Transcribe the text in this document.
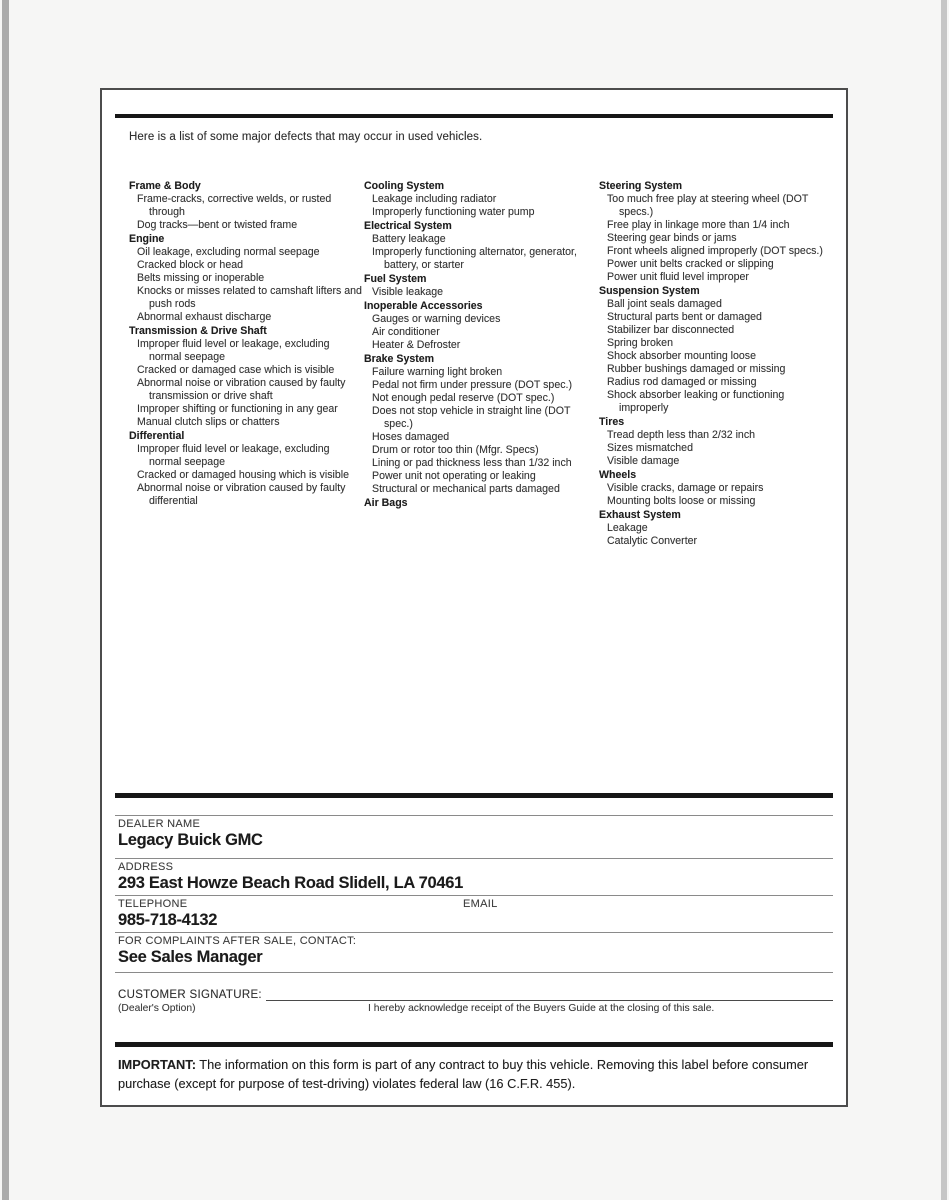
Here is a list of some major defects that may occur in used vehicles.
Frame & Body
Frame-cracks, corrective welds, or rusted through
Dog tracks—bent or twisted frame
Engine
Oil leakage, excluding normal seepage
Cracked block or head
Belts missing or inoperable
Knocks or misses related to camshaft lifters and push rods
Abnormal exhaust discharge
Transmission & Drive Shaft
Improper fluid level or leakage, excluding normal seepage
Cracked or damaged case which is visible
Abnormal noise or vibration caused by faulty transmission or drive shaft
Improper shifting or functioning in any gear
Manual clutch slips or chatters
Differential
Improper fluid level or leakage, excluding normal seepage
Cracked or damaged housing which is visible
Abnormal noise or vibration caused by faulty differential
Cooling System
Leakage including radiator
Improperly functioning water pump
Electrical System
Battery leakage
Improperly functioning alternator, generator, battery, or starter
Fuel System
Visible leakage
Inoperable Accessories
Gauges or warning devices
Air conditioner
Heater & Defroster
Brake System
Failure warning light broken
Pedal not firm under pressure (DOT spec.)
Not enough pedal reserve (DOT spec.)
Does not stop vehicle in straight line (DOT spec.)
Hoses damaged
Drum or rotor too thin (Mfgr. Specs)
Lining or pad thickness less than 1/32 inch
Power unit not operating or leaking
Structural or mechanical parts damaged
Air Bags
Steering System
Too much free play at steering wheel (DOT specs.)
Free play in linkage more than 1/4 inch
Steering gear binds or jams
Front wheels aligned improperly (DOT specs.)
Power unit belts cracked or slipping
Power unit fluid level improper
Suspension System
Ball joint seals damaged
Structural parts bent or damaged
Stabilizer bar disconnected
Spring broken
Shock absorber mounting loose
Rubber bushings damaged or missing
Radius rod damaged or missing
Shock absorber leaking or functioning improperly
Tires
Tread depth less than 2/32 inch
Sizes mismatched
Visible damage
Wheels
Visible cracks, damage or repairs
Mounting bolts loose or missing
Exhaust System
Leakage
Catalytic Converter
DEALER NAME
Legacy Buick GMC
ADDRESS
293 East Howze Beach Road Slidell, LA 70461
TELEPHONE
985-718-4132
EMAIL
FOR COMPLAINTS AFTER SALE, CONTACT:
See Sales Manager
CUSTOMER SIGNATURE:
(Dealer's Option)	I hereby acknowledge receipt of the Buyers Guide at the closing of this sale.
IMPORTANT: The information on this form is part of any contract to buy this vehicle. Removing this label before consumer purchase (except for purpose of test-driving) violates federal law (16 C.F.R. 455).
